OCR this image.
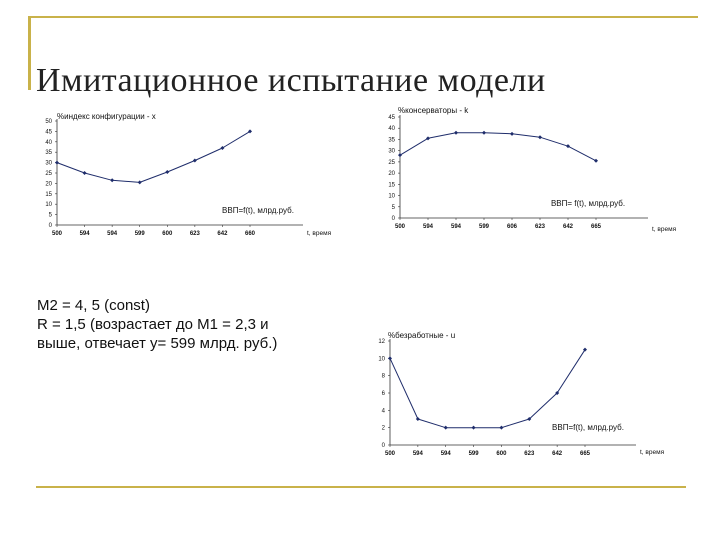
Имитационное испытание модели
0
5
10
15
20
25
30
35
40
45
50
500	594	594	599	600	623	642	660
%индекс конфигурации - x
ВВП=f(t), млрд.руб.
t, время
0
5
10
15
20
25
30
35
40
45
500	594	594	599	606	623	642	665
%консерваторы - k
ВВП= f(t), млрд.руб.
t, время
0
2
4
6
8
10
12
500	594	594	599	600	623	642	665
%безработные - u
ВВП=f(t), млрд.руб.
t, время
M2 = 4, 5 (const)
R = 1,5 (возрастает до М1 = 2,3 и
выше, отвечает y= 599 млрд. руб.)
